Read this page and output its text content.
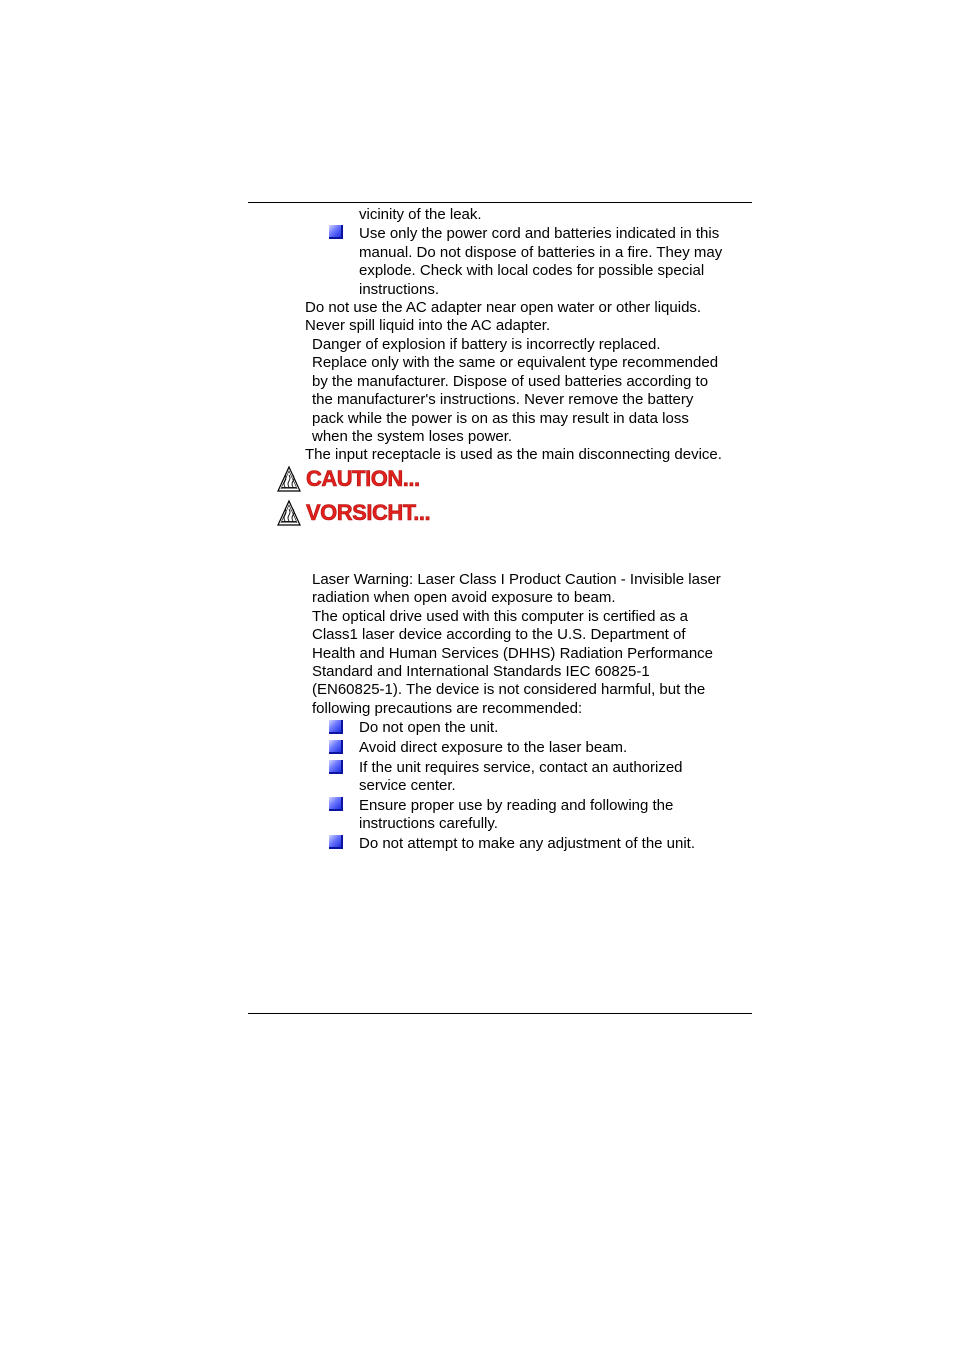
vicinity of the leak.

Use only the power cord and batteries indicated in this

manual. Do not dispose of batteries in a fire. They may

explode. Check with local codes for possible special

instructions.

Do not use the AC adapter near open water or other liquids.

Never spill liquid into the AC adapter.

Danger of explosion if battery is incorrectly replaced.

Replace only with the same or equivalent type recommended

by the manufacturer. Dispose of used batteries according to

the manufacturer's instructions. Never remove the battery

pack while the power is on as this may result in data loss

when the system loses power.

The input receptacle is used as the main disconnecting device.

CAUTION...
VORSICHT...

Laser Warning: Laser Class I Product Caution - Invisible laser

radiation when open avoid exposure to beam.

The optical drive used with this computer is certified as a

Class1 laser device according to the U.S. Department of

Health and Human Services (DHHS) Radiation Performance

Standard and International Standards IEC 60825-1

(EN60825-1). The device is not considered harmful, but the

following precautions are recommended:

Do not open the unit.

Avoid direct exposure to the laser beam.

If the unit requires service, contact an authorized

service center.

Ensure proper use by reading and following the

instructions carefully.

Do not attempt to make any adjustment of the unit.
